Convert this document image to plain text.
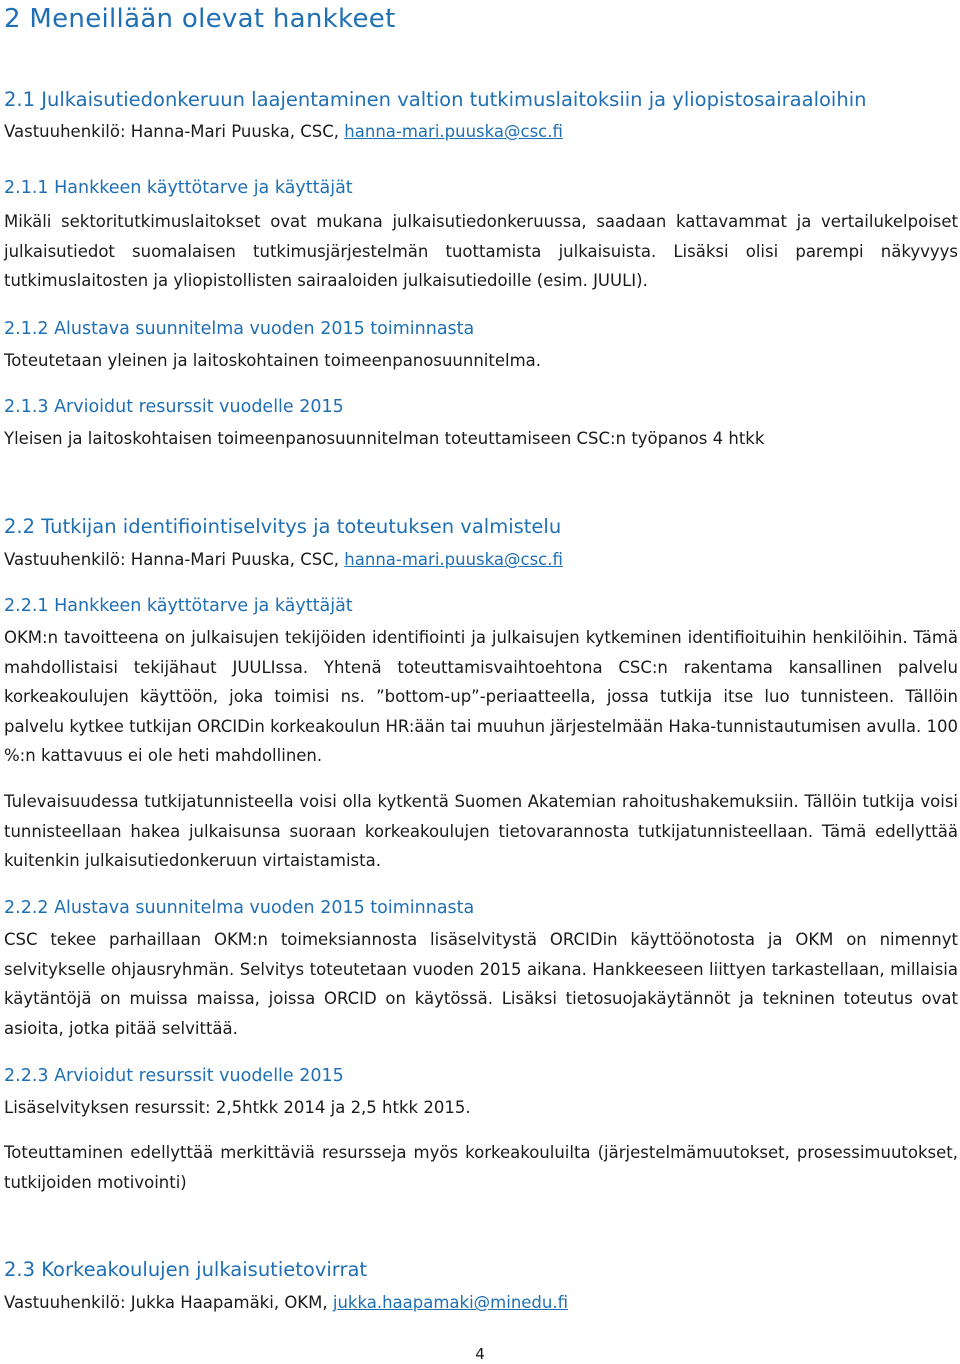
2 Meneillään olevat hankkeet
2.1 Julkaisutiedonkeruun laajentaminen valtion tutkimuslaitoksiin ja yliopistosairaaloihin

Vastuuhenkilö: Hanna-Mari Puuska, CSC, hanna-mari.puuska@csc.fi

2.1.1 Hankkeen käyttötarve ja käyttäjät

Mikäli sektoritutkimuslaitokset ovat mukana julkaisutiedonkeruussa, saadaan kattavammat ja vertailukelpoiset julkaisutiedot suomalaisen tutkimusjärjestelmän tuottamista julkaisuista. Lisäksi olisi parempi näkyvyys tutkimuslaitosten ja yliopistollisten sairaaloiden julkaisutiedoille (esim. JUULI).

2.1.2 Alustava suunnitelma vuoden 2015 toiminnasta

Toteutetaan yleinen ja laitoskohtainen toimeenpanosuunnitelma.

2.1.3 Arvioidut resurssit vuodelle 2015

Yleisen ja laitoskohtaisen toimeenpanosuunnitelman toteuttamiseen CSC:n työpanos 4 htkk

2.2 Tutkijan identifiointiselvitys ja toteutuksen valmistelu

Vastuuhenkilö: Hanna-Mari Puuska, CSC, hanna-mari.puuska@csc.fi

2.2.1 Hankkeen käyttötarve ja käyttäjät

OKM:n tavoitteena on julkaisujen tekijöiden identifiointi ja julkaisujen kytkeminen identifioituihin henkilöihin. Tämä mahdollistaisi tekijähaut JUULIssa. Yhtenä toteuttamisvaihtoehtona CSC:n rakentama kansallinen palvelu korkeakoulujen käyttöön, joka toimisi ns. ”bottom-up”-periaatteella, jossa tutkija itse luo tunnisteen. Tällöin palvelu kytkee tutkijan ORCIDin korkeakoulun HR:ään tai muuhun järjestelmään Haka-tunnistautumisen avulla. 100 %:n kattavuus ei ole heti mahdollinen.

Tulevaisuudessa tutkijatunnisteella voisi olla kytkentä Suomen Akatemian rahoitushakemuksiin. Tällöin tutkija voisi tunnisteellaan hakea julkaisunsa suoraan korkeakoulujen tietovarannosta tutkijatunnisteellaan. Tämä edellyttää kuitenkin julkaisutiedonkeruun virtaistamista.

2.2.2 Alustava suunnitelma vuoden 2015 toiminnasta

CSC tekee parhaillaan OKM:n toimeksiannosta lisäselvitystä ORCIDin käyttöönotosta ja OKM on nimennyt selvitykselle ohjausryhmän. Selvitys toteutetaan vuoden 2015 aikana. Hankkeeseen liittyen tarkastellaan, millaisia käytäntöjä on muissa maissa, joissa ORCID on käytössä. Lisäksi tietosuojakäytännöt ja tekninen toteutus ovat asioita, jotka pitää selvittää.

2.2.3 Arvioidut resurssit vuodelle 2015

Lisäselvityksen resurssit: 2,5htkk 2014 ja 2,5 htkk 2015.

Toteuttaminen edellyttää merkittäviä resursseja myös korkeakouluilta (järjestelmämuutokset, prosessimuutokset, tutkijoiden motivointi)

2.3 Korkeakoulujen julkaisutietovirrat

Vastuuhenkilö: Jukka Haapamäki, OKM, jukka.haapamaki@minedu.fi

4
